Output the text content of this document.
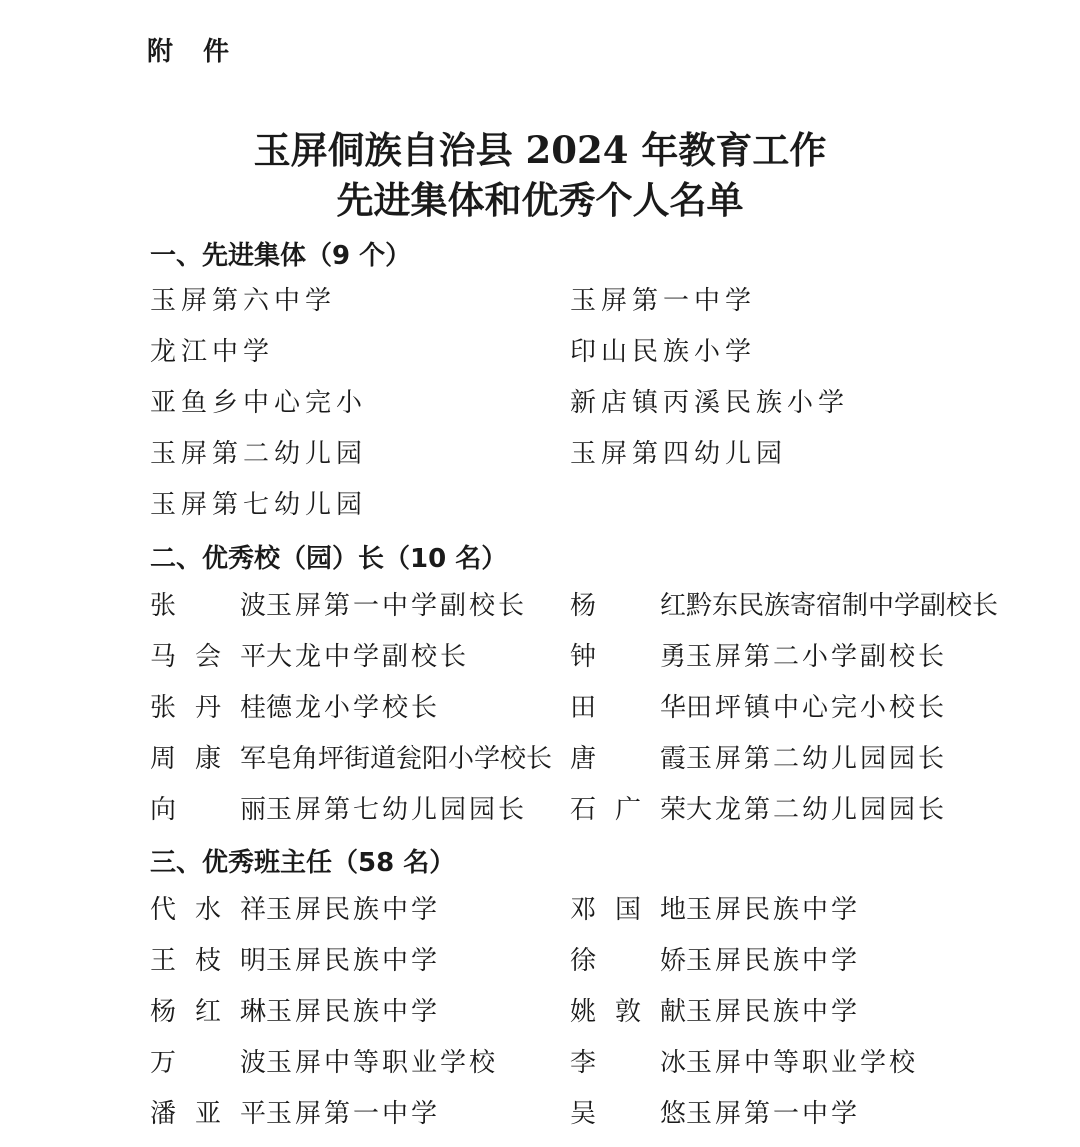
附 件
玉屏侗族自治县 2024 年教育工作
先进集体和优秀个人名单
一、先进集体（9 个）
玉屏第六中学	玉屏第一中学
龙江中学	印山民族小学
亚鱼乡中心完小	新店镇丙溪民族小学
玉屏第二幼儿园	玉屏第四幼儿园
玉屏第七幼儿园
二、优秀校（园）长（10 名）
张波 玉屏第一中学副校长 杨红 黔东民族寄宿制中学副校长
马会平 大龙中学副校长	钟勇 玉屏第二小学副校长
张丹桂 德龙小学校长	田华 田坪镇中心完小校长
周康军 皂角坪街道瓮阳小学校长 唐霞 玉屏第二幼儿园园长
向丽 玉屏第七幼儿园园长 石广荣 大龙第二幼儿园园长
三、优秀班主任（58 名）
代水祥 玉屏民族中学	邓国地 玉屏民族中学
王枝明 玉屏民族中学	徐娇 玉屏民族中学
杨红琳 玉屏民族中学	姚敦献 玉屏民族中学
万波 玉屏中等职业学校	李冰 玉屏中等职业学校
潘亚平 玉屏第一中学	吴悠 玉屏第一中学
